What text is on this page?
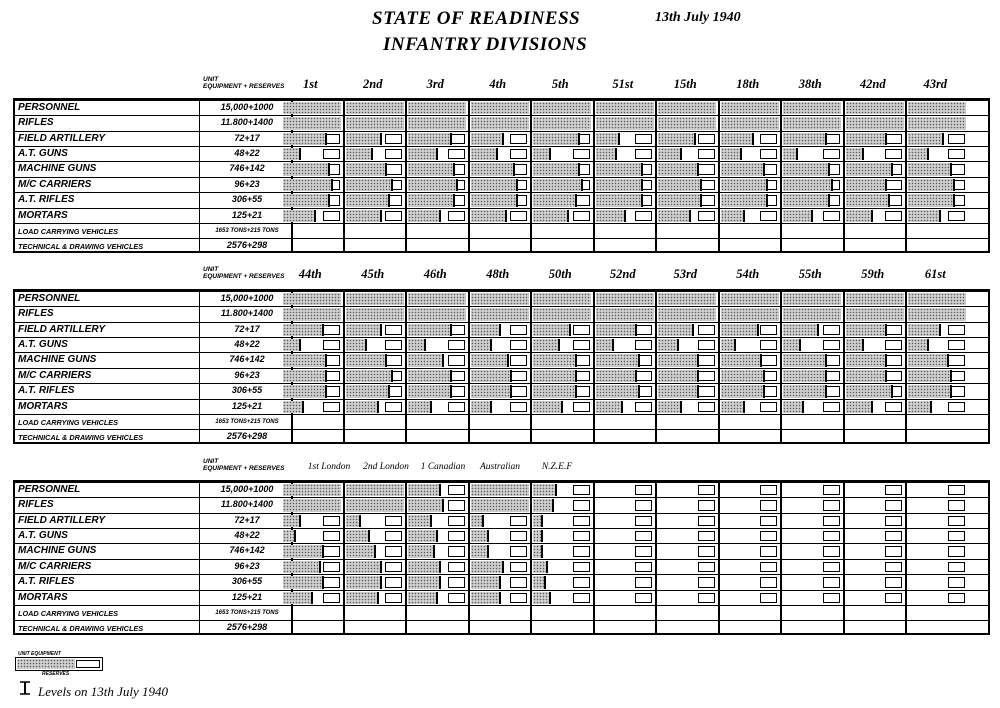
STATE OF READINESS
INFANTRY DIVISIONS
13th July 1940
UNIT
EQUIPMENT + RESERVES	1st	2nd	3rd	4th	5th	51st	15th	18th	38th	42nd	43rd
PERSONNEL	15,000+1000
RIFLES	11.800+1400
FIELD ARTILLERY	72+17
A.T. GUNS	48+22
MACHINE GUNS	746+142
M/C CARRIERS	96+23
A.T. RIFLES	306+55
MORTARS	125+21
LOAD CARRYING VEHICLES	1653 TONS+215 TONS
TECHNICAL & DRAWING VEHICLES	2576+298
UNIT
EQUIPMENT + RESERVES	44th	45th	46th	48th	50th	52nd	53rd	54th	55th	59th	61st
PERSONNEL	15,000+1000
RIFLES	11.800+1400
FIELD ARTILLERY	72+17
A.T. GUNS	48+22
MACHINE GUNS	746+142
M/C CARRIERS	96+23
A.T. RIFLES	306+55
MORTARS	125+21
LOAD CARRYING VEHICLES	1653 TONS+215 TONS
TECHNICAL & DRAWING VEHICLES	2576+298
UNIT
EQUIPMENT + RESERVES	1st London	2nd London	1 Canadian	Australian	N.Z.E.F
PERSONNEL	15,000+1000
RIFLES	11.800+1400
FIELD ARTILLERY	72+17
A.T. GUNS	48+22
MACHINE GUNS	746+142
M/C CARRIERS	96+23
A.T. RIFLES	306+55
MORTARS	125+21
LOAD CARRYING VEHICLES	1653 TONS+215 TONS
TECHNICAL & DRAWING VEHICLES	2576+298
UNIT EQUIPMENT
RESERVES
Levels on 13th July 1940
